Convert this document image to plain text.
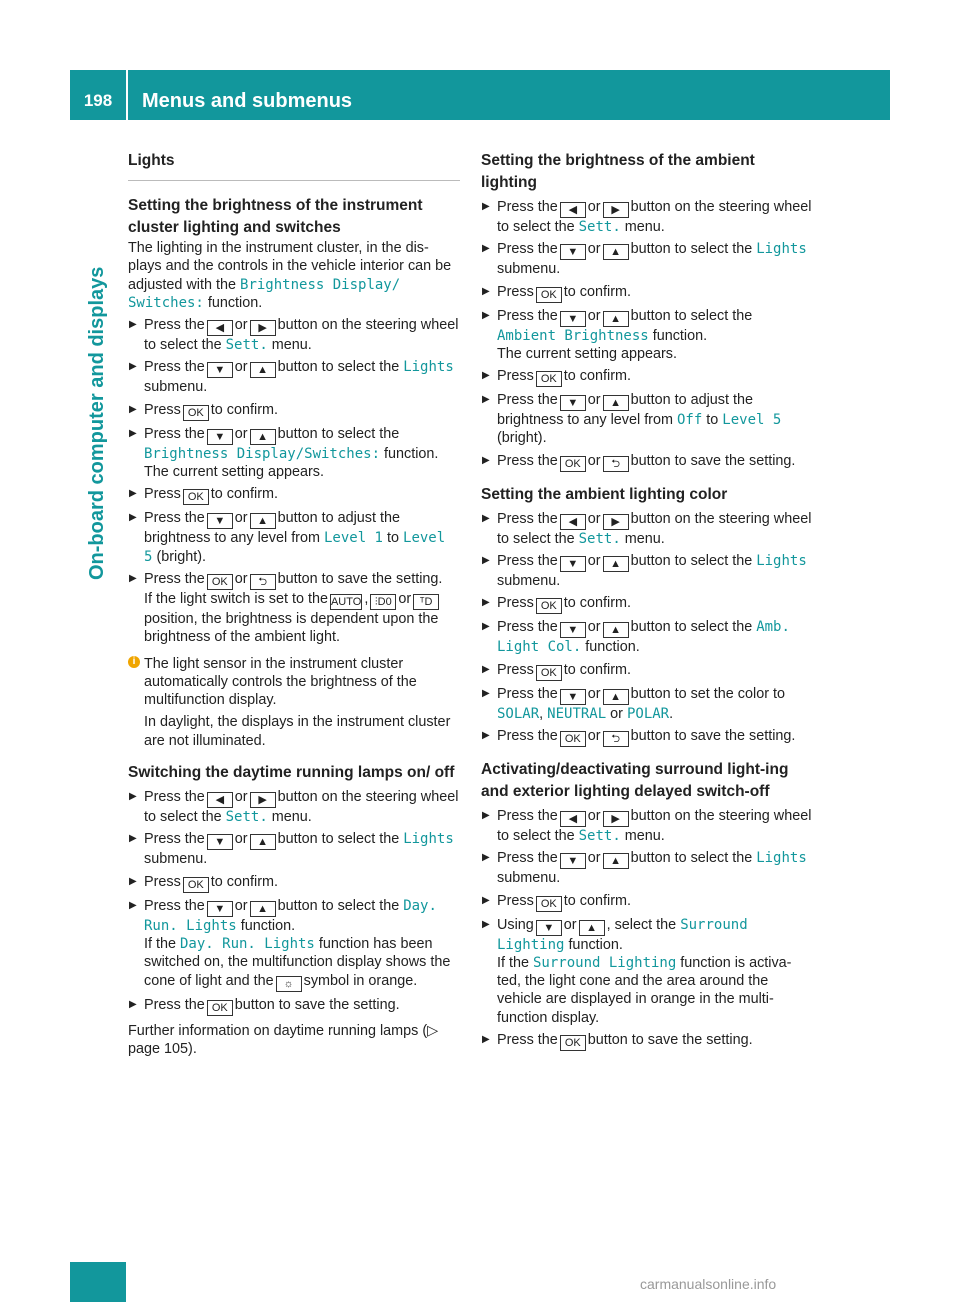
198	Menus and submenus
On-board computer and displays
Lights
Setting the brightness of the instrument cluster lighting and switches

The lighting in the instrument cluster, in the dis-plays and the controls in the vehicle interior can be adjusted with the Brightness Display/ Switches: function.

▶ Press the ◀ or ▶ button on the steering wheel to select the Sett. menu.
▶ Press the ▼ or ▲ button to select the Lights submenu.
▶ Press OK to confirm.
▶ Press the ▼ or ▲ button to select the Brightness Display/Switches: function.
The current setting appears.
▶ Press OK to confirm.
▶ Press the ▼ or ▲ button to adjust the brightness to any level from Level 1 to Level 5 (bright).
▶ Press the OK or ⮌ button to save the setting.
If the light switch is set to the AUTO , ⫶D0 or ᵀDposition, the brightness is dependent upon the brightness of the ambient light.
i The light sensor in the instrument cluster automatically controls the brightness of the multifunction display.

In daylight, the displays in the instrument cluster are not illuminated.

Switching the daytime running lamps on/ off
▶ Press the ◀ or ▶ button on the steering wheel to select the Sett. menu.
▶ Press the ▼ or ▲ button to select the Lights submenu.
▶ Press OK to confirm.
▶ Press the ▼ or ▲ button to select the Day. Run. Lights function.
If the Day. Run. Lights function has been switched on, the multifunction display shows the cone of light and the ☼ symbol in orange.
▶ Press the OK button to save the setting.

Further information on daytime running lamps (▷ page 105).

Setting the brightness of the ambient lighting
▶ Press the ◀ or ▶ button on the steering wheel to select the Sett. menu.
▶ Press the ▼ or ▲ button to select the Lights submenu.
▶ Press OK to confirm.
▶ Press the ▼ or ▲ button to select the Ambient Brightness function.
The current setting appears.
▶ Press OK to confirm.
▶ Press the ▼ or ▲ button to adjust the brightness to any level from Off to Level 5 (bright).
▶ Press the OK or ⮌ button to save the setting.
Setting the ambient lighting color
▶ Press the ◀ or ▶ button on the steering wheel to select the Sett. menu.
▶ Press the ▼ or ▲ button to select the Lights submenu.
▶ Press OK to confirm.
▶ Press the ▼ or ▲ button to select the Amb. Light Col. function.
▶ Press OK to confirm.
▶ Press the ▼ or ▲ button to set the color to SOLAR, NEUTRAL or POLAR.
▶ Press the OK or ⮌ button to save the setting.
Activating/deactivating surround light-ing and exterior lighting delayed switch-off
▶ Press the ◀ or ▶ button on the steering wheel to select the Sett. menu.
▶ Press the ▼ or ▲ button to select the Lights submenu.
▶ Press OK to confirm.
▶ Using ▼ or ▲ , select the Surround Lighting function.
If the Surround Lighting function is activa-ted, the light cone and the area around the vehicle are displayed in orange in the multi-function display.
▶ Press the OK button to save the setting.
carmanualsonline.info
